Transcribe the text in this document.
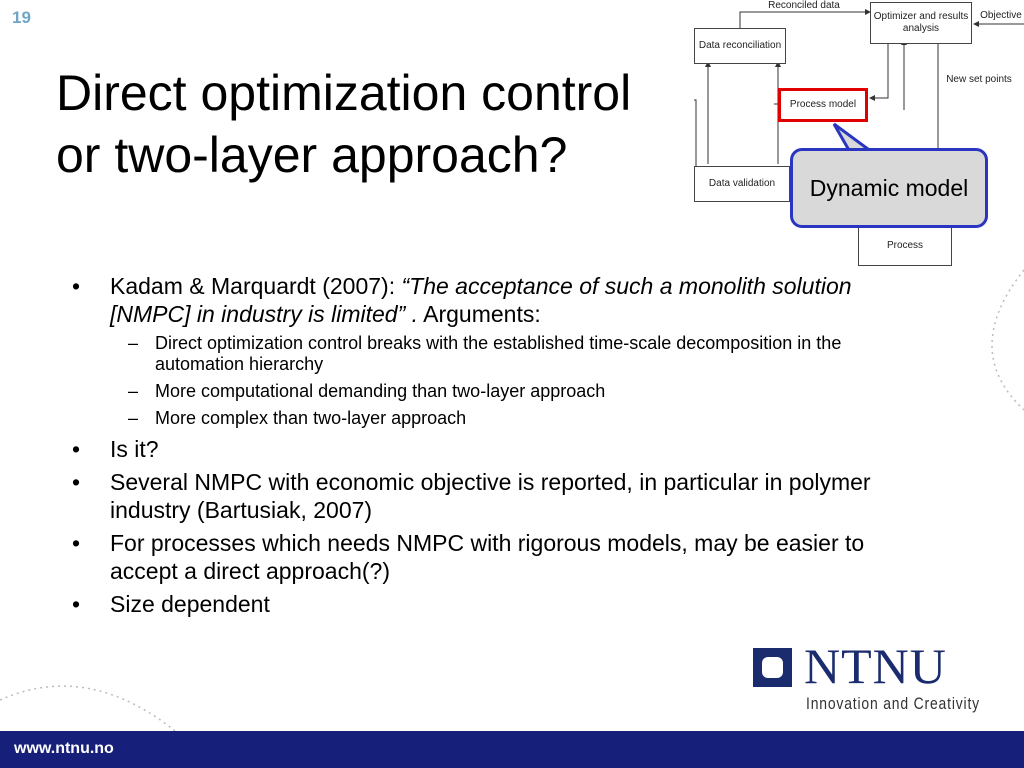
19
Direct optimization control
or two-layer approach?
Reconciled data
Optimizer and results analysis
Objective
Data reconciliation
New set points
Process model
Data validation
Process
Dynamic model
• Kadam & Marquardt (2007): “The acceptance of such a monolith solution [NMPC] in industry is limited” . Arguments:
– Direct optimization control breaks with the established time-scale decomposition in the automation hierarchy
– More computational demanding than two-layer approach
– More complex than two-layer approach
• Is it?
• Several NMPC with economic objective is reported, in particular in polymer industry (Bartusiak, 2007)
• For processes which needs NMPC with rigorous models, may be easier to accept a direct approach(?)
• Size dependent
NTNU
Innovation and Creativity
www.ntnu.no
